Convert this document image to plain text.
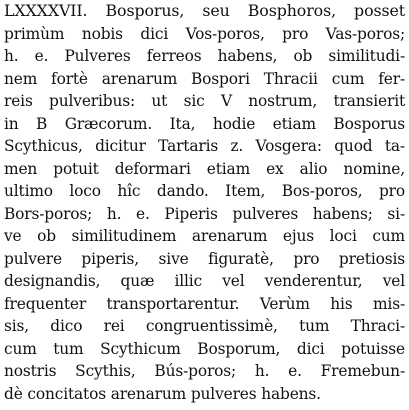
LXXXXVII. Bosporus, seu Bosphoros, posset
primùm nobis dici Vos-poros, pro Vas-poros;
h. e. Pulveres ferreos habens, ob similitudi-
nem fortè arenarum Bospori Thracii cum fer-
reis pulveribus: ut sic V nostrum, transierit
in B Græcorum. Ita, hodie etiam Bosporus
Scythicus, dicitur Tartaris z. Vosgera: quod ta-
men potuit deformari etiam ex alio nomine,
ultimo loco hîc dando. Item, Bos-poros, pro
Bors-poros; h. e. Piperis pulveres habens; si-
ve ob similitudinem arenarum ejus loci cum
pulvere piperis, sive figuratè, pro pretiosis
designandis, quæ illic vel venderentur, vel
frequenter transportarentur. Verùm his mis-
sis, dico rei congruentissimè, tum Thraci-
cum tum Scythicum Bosporum, dici potuisse
nostris Scythis, Bús-poros; h. e. Fremebun-
dè concitatos arenarum pulveres habens.
